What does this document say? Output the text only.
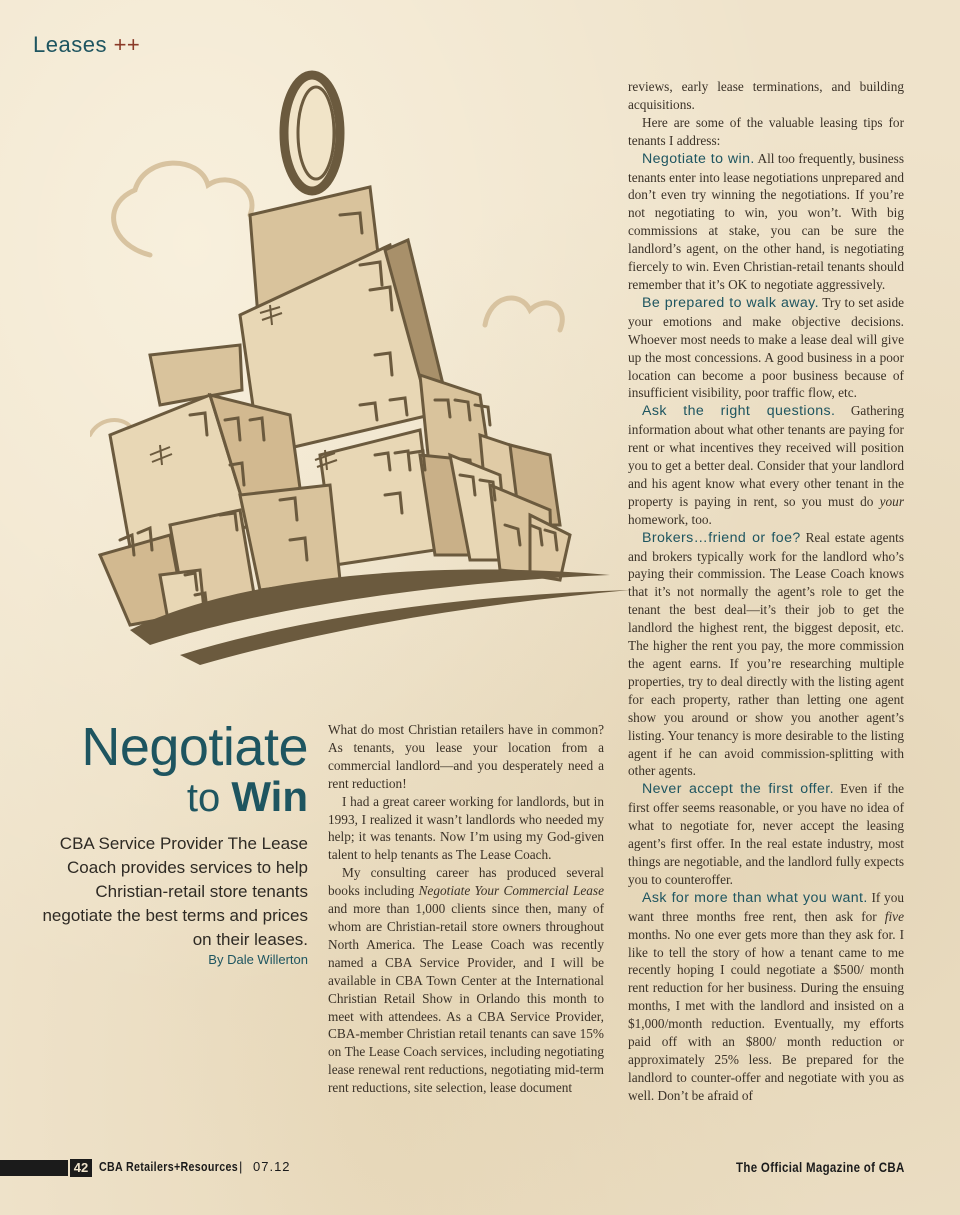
Leases ++
Negotiate
to Win
CBA Service Provider The Lease Coach provides services to help Christian-retail store tenants negotiate the best terms and prices on their leases.
By Dale Willerton

What do most Christian retailers have in common? As tenants, you lease your location from a commercial landlord—and you desperately need a rent reduction!

I had a great career working for landlords, but in 1993, I realized it wasn’t landlords who needed my help; it was tenants. Now I’m using my God-given talent to help tenants as The Lease Coach.

My consulting career has produced several books including Negotiate Your Commercial Lease and more than 1,000 clients since then, many of whom are Christian-retail store owners throughout North America. The Lease Coach was recently named a CBA Service Provider, and I will be available in CBA Town Center at the International Christian Retail Show in Orlando this month to meet with attendees. As a CBA Service Provider, CBA-member Christian retail tenants can save 15% on The Lease Coach services, including negotiating lease renewal rent reductions, negotiating mid-term rent reductions, site selection, lease document

reviews, early lease terminations, and building acquisitions.

Here are some of the valuable leasing tips for tenants I address:

Negotiate to win. All too frequently, business tenants enter into lease negotiations unprepared and don’t even try winning the negotiations. If you’re not negotiating to win, you won’t. With big commissions at stake, you can be sure the landlord’s agent, on the other hand, is negotiating fiercely to win. Even Christian-retail tenants should remember that it’s OK to negotiate aggressively.

Be prepared to walk away. Try to set aside your emotions and make objective decisions. Whoever most needs to make a lease deal will give up the most concessions. A good business in a poor location can become a poor business because of insufficient visibility, poor traffic flow, etc.

Ask the right questions. Gathering information about what other tenants are paying for rent or what incentives they received will position you to get a better deal. Consider that your landlord and his agent know what every other tenant in the property is paying in rent, so you must do your homework, too.

Brokers…friend or foe? Real estate agents and brokers typically work for the landlord who’s paying their commission. The Lease Coach knows that it’s not normally the agent’s role to get the tenant the best deal—it’s their job to get the landlord the highest rent, the biggest deposit, etc. The higher the rent you pay, the more commission the agent earns. If you’re researching multiple properties, try to deal directly with the listing agent for each property, rather than letting one agent show you around or show you another agent’s listing. Your tenancy is more desirable to the listing agent if he can avoid commission-splitting with other agents.

Never accept the first offer. Even if the first offer seems reasonable, or you have no idea of what to negotiate for, never accept the leasing agent’s first offer. In the real estate industry, most things are negotiable, and the landlord fully expects you to counteroffer.

Ask for more than what you want. If you want three months free rent, then ask for five months. No one ever gets more than they ask for. I like to tell the story of how a tenant came to me recently hoping I could negotiate a $500/ month rent reduction for her business. During the ensuing months, I met with the landlord and insisted on a $1,000/month reduction. Eventually, my efforts paid off with an $800/ month reduction or approximately 25% less. Be prepared for the landlord to counter-offer and negotiate with you as well. Don’t be afraid of

42 CBA Retailers+Resources | 07.12	The Official Magazine of CBA
